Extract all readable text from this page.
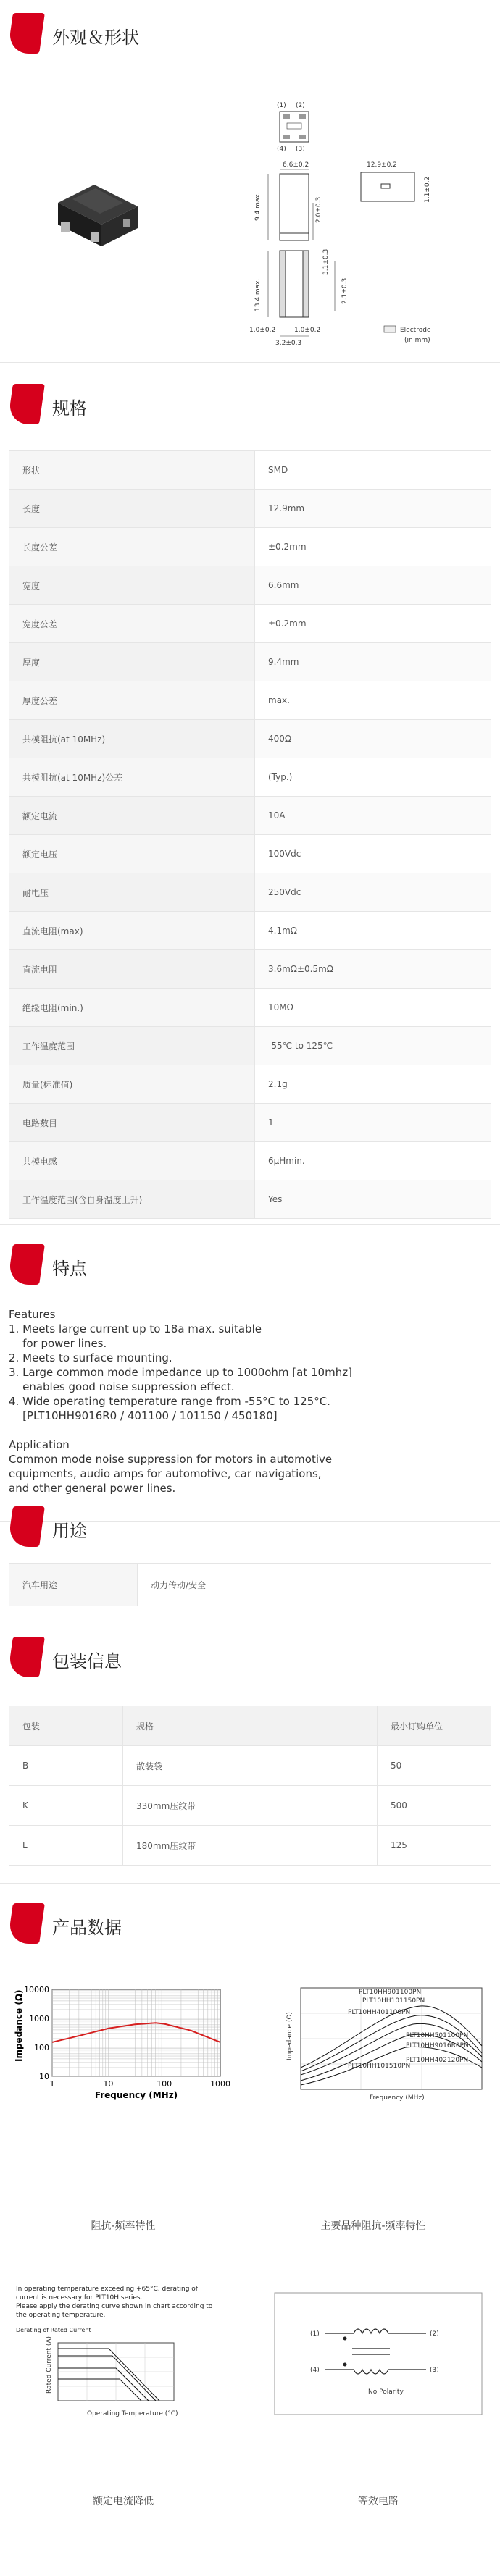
外观＆形状
(1) (2)
(4) (3)
6.6±0.2
9.4 max.	2.0±0.3
3.1±0.3
13.4 max.	2.1±0.3
1.0±0.2	1.0±0.2
3.2±0.3
12.9±0.2
1.1±0.2
Electrode
(in mm)
规格
形状	SMD
长度	12.9mm
长度公差	±0.2mm
宽度	6.6mm
宽度公差	±0.2mm
厚度	9.4mm
厚度公差	max.
共模阻抗(at 10MHz)	400Ω
共模阻抗(at 10MHz)公差	(Typ.)
额定电流	10A
额定电压	100Vdc
耐电压	250Vdc
直流电阻(max)	4.1mΩ
直流电阻	3.6mΩ±0.5mΩ
绝缘电阻(min.)	10MΩ
工作温度范围	-55℃ to 125℃
质量(标准值)	2.1g
电路数目	1
共模电感	6μHmin.
工作温度范围(含自身温度上升)	Yes
特点
Features
1. Meets large current up to 18a max. suitable
for power lines.
2. Meets to surface mounting.
3. Large common mode impedance up to 1000ohm [at 10mhz]
enables good noise suppression effect.
4. Wide operating temperature range from -55°C to 125°C.
[PLT10HH9016R0 / 401100 / 101150 / 450180]

Application
Common mode noise suppression for motors in automotive
equipments, audio amps for automotive, car navigations,
and other general power lines.
用途
汽车用途	动力传动/安全
包装信息
包装	规格	最小订购单位
B	散装袋	50
K	330mm压纹带	500
L	180mm压纹带	125
产品数据
10000
1000
100
10
1	10	100	1000
Frequency (MHz)
Impedance (Ω)
阻抗-频率特性
PLT10HH901100PN
PLT10HH101150PN
PLT10HH401100PN
PLT10HH501100PN
PLT10HH9016R0PN
PLT10HH101510PN
PLT10HH402120PN
Frequency (MHz)
Impedance (Ω)
主要品种阻抗-频率特性
In operating temperature exceeding +65°C, derating of
current is necessary for PLT10H series.
Please apply the derating curve shown in chart according to
the operating temperature.
Derating of Rated Current
Operating Temperature (°C)
Rated Current (A)
额定电流降低
(1)	(2)
(4)	(3)
No Polarity
等效电路
